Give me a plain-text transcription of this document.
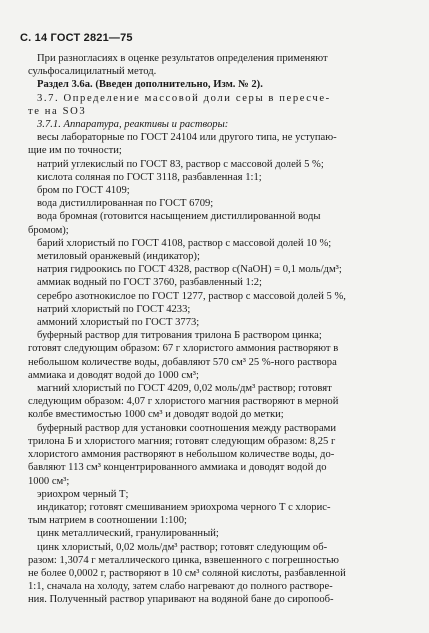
С. 14 ГОСТ 2821—75
При разногласиях в оценке результатов определения применяют
сульфосалицилатный метод.
Раздел 3.6а. (Введен дополнительно, Изм. № 2).
3.7. Определение массовой доли серы в пересче-
те на SO3
3.7.1. Аппаратура, реактивы и растворы:
весы лабораторные по ГОСТ 24104 или другого типа, не уступаю-
щие им по точности;
натрий углекислый по ГОСТ 83, раствор с массовой долей 5 %;
кислота соляная по ГОСТ 3118, разбавленная 1:1;
бром по ГОСТ 4109;
вода дистиллированная по ГОСТ 6709;
вода бромная (готовится насыщением дистиллированной воды
бромом);
барий хлористый по ГОСТ 4108, раствор с массовой долей 10 %;
метиловый оранжевый (индикатор);
натрия гидроокись по ГОСТ 4328, раствор с(NaOH) = 0,1 моль/дм³;
аммиак водный по ГОСТ 3760, разбавленный 1:2;
серебро азотнокислое по ГОСТ 1277, раствор с массовой долей 5 %,
натрий хлористый по ГОСТ 4233;
аммоний хлористый по ГОСТ 3773;
буферный раствор для титрования трилона Б раствором цинка;
готовят следующим образом: 67 г хлористого аммония растворяют в
небольшом количестве воды, добавляют 570 см³ 25 %-ного раствора
аммиака и доводят водой до 1000 см³;
магний хлористый по ГОСТ 4209, 0,02 моль/дм³ раствор; готовят
следующим образом: 4,07 г хлористого магния растворяют в мерной
колбе вместимостью 1000 см³ и доводят водой до метки;
буферный раствор для установки соотношения между растворами
трилона Б и хлористого магния; готовят следующим образом: 8,25 г
хлористого аммония растворяют в небольшом количестве воды, до-
бавляют 113 см³ концентрированного аммиака и доводят водой до
1000 см³;
эриохром черный Т;
индикатор; готовят смешиванием эриохрома черного Т с хлорис-
тым натрием в соотношении 1:100;
цинк металлический, гранулированный;
цинк хлористый, 0,02 моль/дм³ раствор; готовят следующим об-
разом: 1,3074 г металлического цинка, взвешенного с погрешностью
не более 0,0002 г, растворяют в 10 см³ соляной кислоты, разбавленной
1:1, сначала на холоду, затем слабо нагревают до полного растворе-
ния. Полученный раствор упаривают на водяной бане до сиропооб-
